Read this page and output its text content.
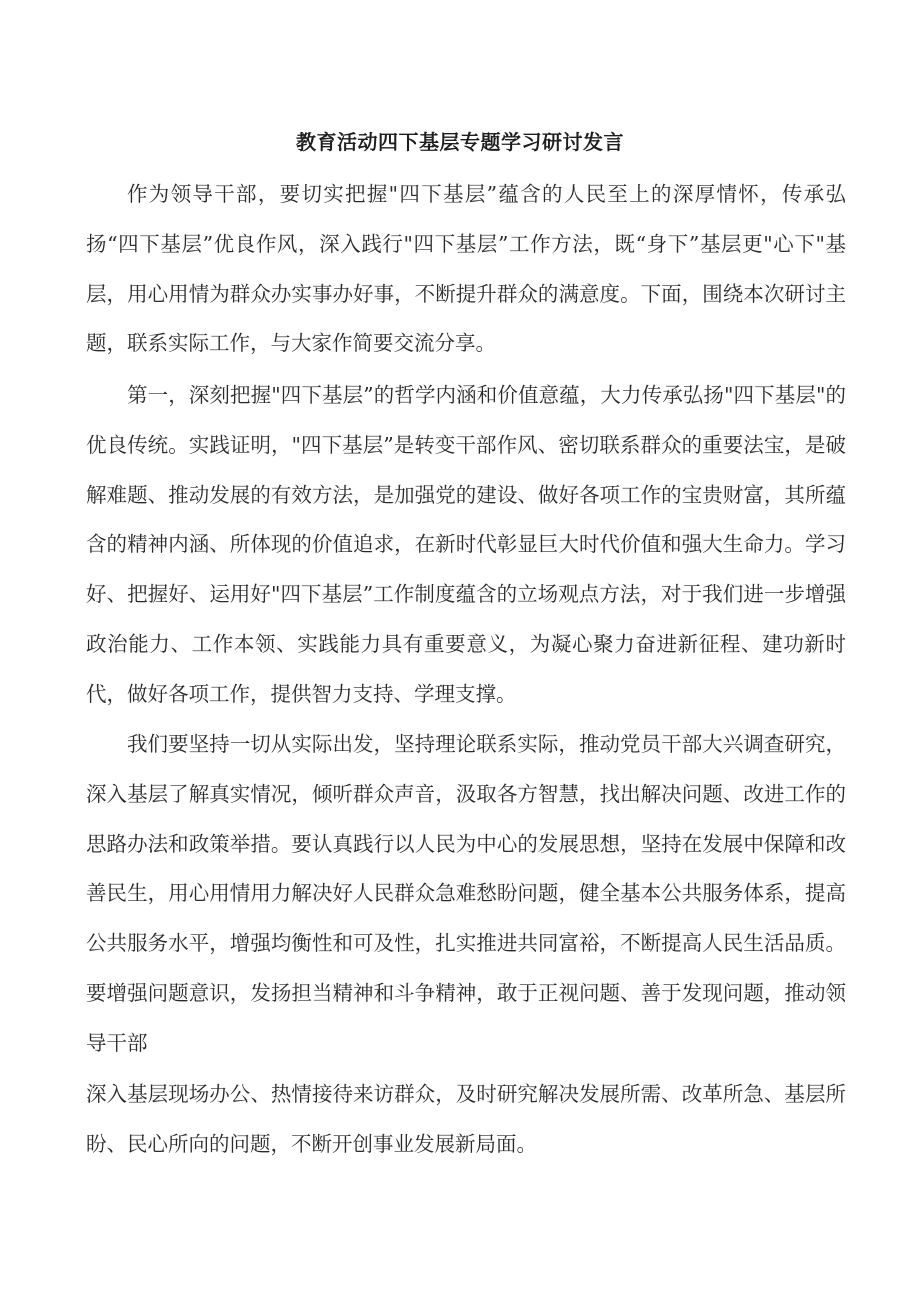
教育活动四下基层专题学习研讨发言

作为领导干部，要切实把握"四下基层”蕴含的人民至上的深厚情怀，传承弘扬“四下基层”优良作风，深入践行"四下基层”工作方法，既“身下”基层更"心下"基层，用心用情为群众办实事办好事，不断提升群众的满意度。下面，围绕本次研讨主题，联系实际工作，与大家作简要交流分享。

第一，深刻把握"四下基层”的哲学内涵和价值意蕴，大力传承弘扬"四下基层"的优良传统。实践证明，"四下基层”是转变干部作风、密切联系群众的重要法宝，是破解难题、推动发展的有效方法，是加强党的建设、做好各项工作的宝贵财富，其所蕴含的精神内涵、所体现的价值追求，在新时代彰显巨大时代价值和强大生命力。学习好、把握好、运用好"四下基层”工作制度蕴含的立场观点方法，对于我们进一步增强政治能力、工作本领、实践能力具有重要意义，为凝心聚力奋进新征程、建功新时代，做好各项工作，提供智力支持、学理支撑。

我们要坚持一切从实际出发，坚持理论联系实际，推动党员干部大兴调查研究，深入基层了解真实情况，倾听群众声音，汲取各方智慧，找出解决问题、改进工作的思路办法和政策举措。要认真践行以人民为中心的发展思想，坚持在发展中保障和改善民生，用心用情用力解决好人民群众急难愁盼问题，健全基本公共服务体系，提高公共服务水平，增强均衡性和可及性，扎实推进共同富裕，不断提高人民生活品质。要增强问题意识，发扬担当精神和斗争精神，敢于正视问题、善于发现问题，推动领导干部

深入基层现场办公、热情接待来访群众，及时研究解决发展所需、改革所急、基层所盼、民心所向的问题，不断开创事业发展新局面。
